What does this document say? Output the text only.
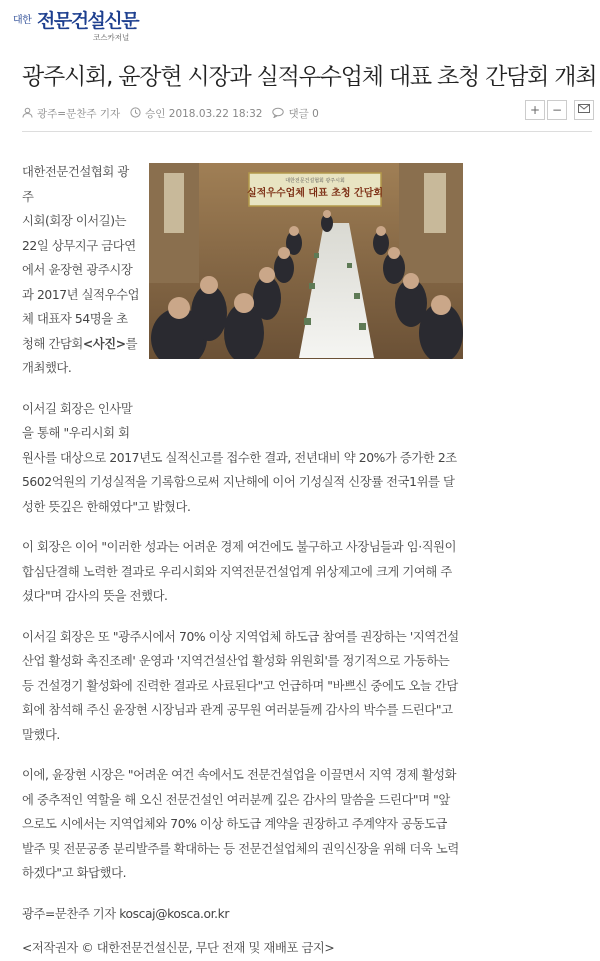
대한 전문건설신문
코스카저널
광주시회, 윤장현 시장과 실적우수업체 대표 초청 간담회 개최
광주=문찬주 기자 승인 2018.03.22 18:32 댓글 0	+ −
대한전문건설협회 광주시회
실적우수업체 대표 초청 간담회

대한전문건설협회 광주
시회(회장 이서길)는
22일 상무지구 금다연
에서 윤장현 광주시장
과 2017년 실적우수업
체 대표자 54명을 초
청해 간담회<사진>를
개최했다.

이서길 회장은 인사말
을 통해 "우리시회 회
원사를 대상으로 2017년도 실적신고를 접수한 결과, 전년대비 약 20%가 증가한 2조 5602억원의 기성실적을 기록함으로써 지난해에 이어 기성실적 신장률 전국1위를 달성한 뜻깊은 한해였다"고 밝혔다.

이 회장은 이어 "이러한 성과는 어려운 경제 여건에도 불구하고 사장님들과 임·직원이 합심단결해 노력한 결과로 우리시회와 지역전문건설업계 위상제고에 크게 기여해 주셨다"며 감사의 뜻을 전했다.

이서길 회장은 또 "광주시에서 70% 이상 지역업체 하도급 참여를 권장하는 '지역건설산업 활성화 촉진조례' 운영과 '지역건설산업 활성화 위원회'를 정기적으로 가동하는 등 건설경기 활성화에 진력한 결과로 사료된다"고 언급하며 "바쁘신 중에도 오늘 간담회에 참석해 주신 윤장현 시장님과 관계 공무원 여러분들께 감사의 박수를 드린다"고 말했다.

이에, 윤장현 시장은 "어려운 여건 속에서도 전문건설업을 이끌면서 지역 경제 활성화에 중추적인 역할을 해 오신 전문건설인 여러분께 깊은 감사의 말씀을 드린다"며 "앞으로도 시에서는 지역업체와 70% 이상 하도급 계약을 권장하고 주계약자 공동도급 발주 및 전문공종 분리발주를 확대하는 등 전문건설업체의 권익신장을 위해 더욱 노력하겠다"고 화답했다.

광주=문찬주 기자 koscaj@kosca.or.kr
<저작권자 © 대한전문건설신문, 무단 전재 및 재배포 금지>
